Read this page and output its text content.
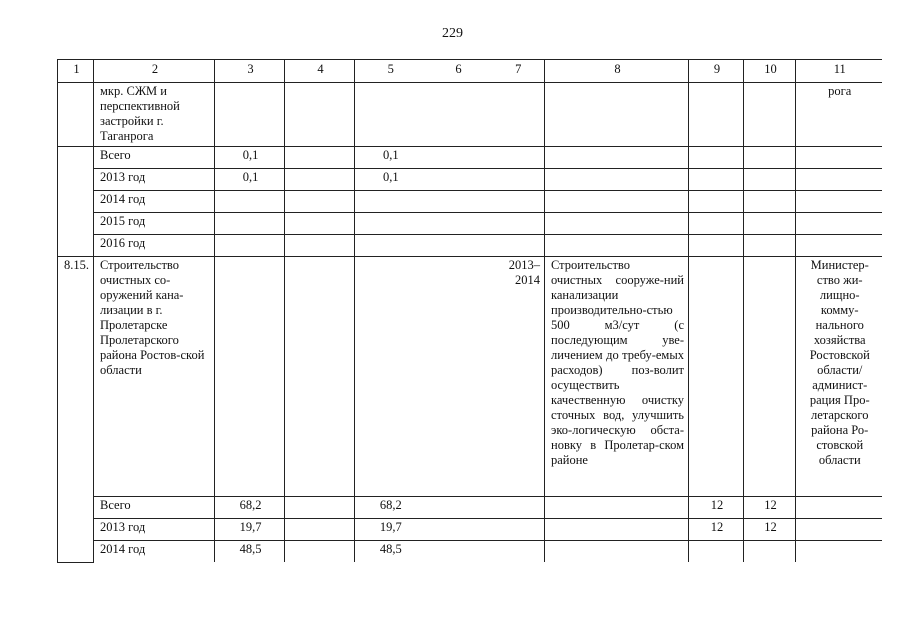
229
1	2	3	4	5	6	7	8	9	10	11
	мкр. СЖМ и перспективной застройки г. Таганрога									рога
	Всего	0,1		0,1						
	2013 год	0,1		0,1						
	2014 год									
	2015 год									
	2016 год									
8.15.	Строительство очистных со-оружений кана-лизации в г. Пролетарске Пролетарского района Ростов-ской области					2013–2014	Строительство очистных сооруже-ний канализации производительно-стью 500 м3/сут (с последующим уве-личением до требу-емых расходов) поз-волит осуществить качественную очистку сточных вод, улучшить эко-логическую обста-новку в Пролетар-ском районе			Министер-ство жи-лищно-комму-нального хозяйства Ростовской области/ админист-рация Про-летарского района Ро-стовской области
	Всего	68,2		68,2				12	12	
	2013 год	19,7		19,7				12	12	
	2014 год	48,5		48,5						
